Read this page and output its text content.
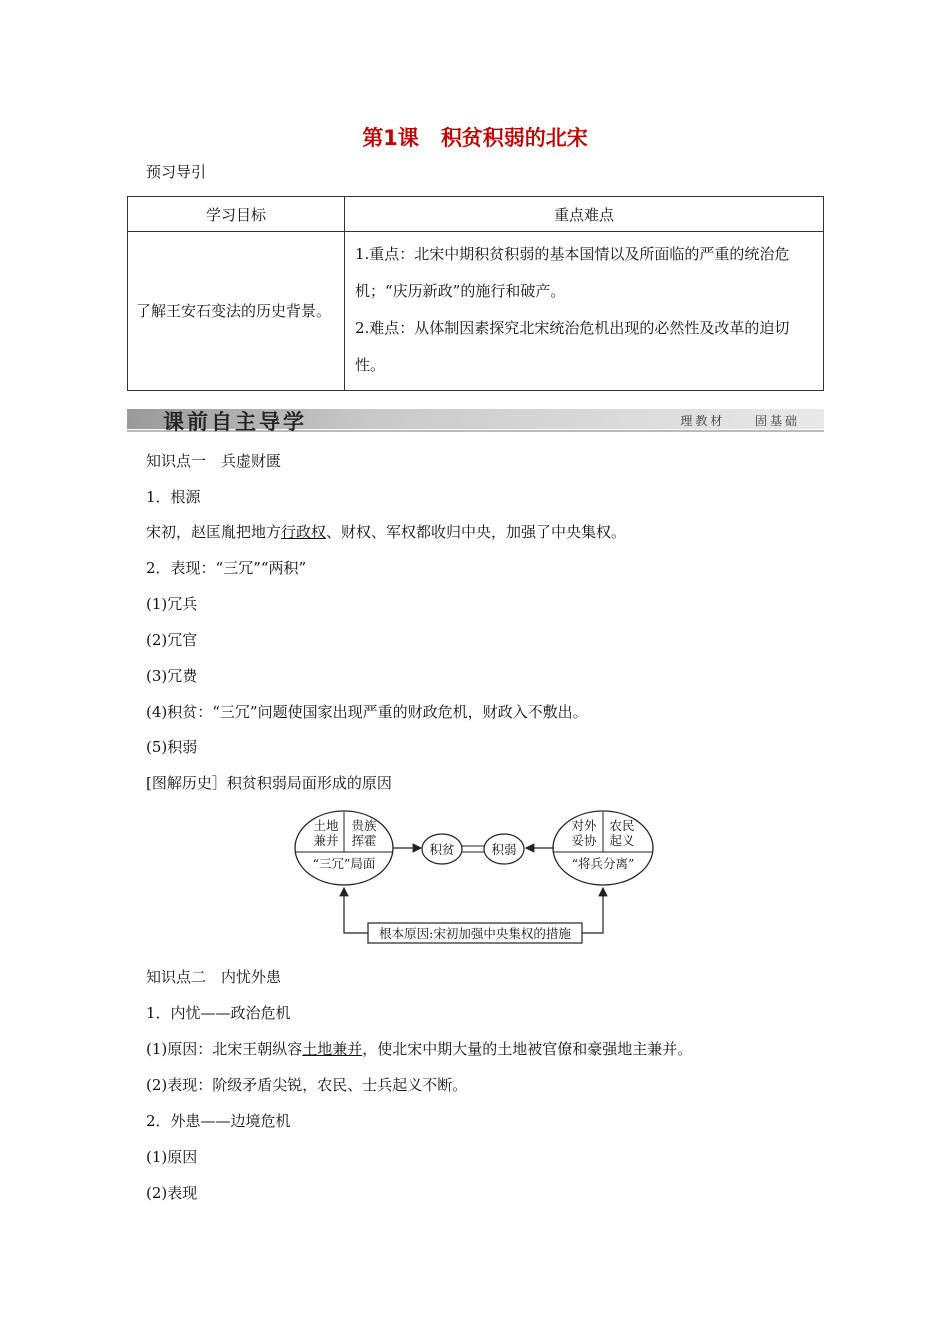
第1课 积贫积弱的北宋
预习导引
学习目标	重点难点
了解王安石变法的历史背景。	1.重点：北宋中期积贫积弱的基本国情以及所面临的严重的统治危机；“庆历新政”的施行和破产。
2.难点：从体制因素探究北宋统治危机出现的必然性及改革的迫切性。
课前自主导学	理教材 固基础
知识点一　兵虚财匮
1．根源
宋初，赵匡胤把地方行政权、财权、军权都收归中央，加强了中央集权。
2．表现：“三冗”“两积”
(1)冗兵
(2)冗官
(3)冗费
(4)积贫：“三冗”问题使国家出现严重的财政危机，财政入不敷出。
(5)积弱
[图解历史］积贫积弱局面形成的原因
土地
兼并
贵族
挥霍
“三冗”局面
积贫	积弱
对外
妥协
农民
起义
“将兵分离”
根本原因:宋初加强中央集权的措施
知识点二　内忧外患
1．内忧——政治危机
(1)原因：北宋王朝纵容土地兼并，使北宋中期大量的土地被官僚和豪强地主兼并。
(2)表现：阶级矛盾尖锐，农民、士兵起义不断。
2．外患——边境危机
(1)原因
(2)表现
